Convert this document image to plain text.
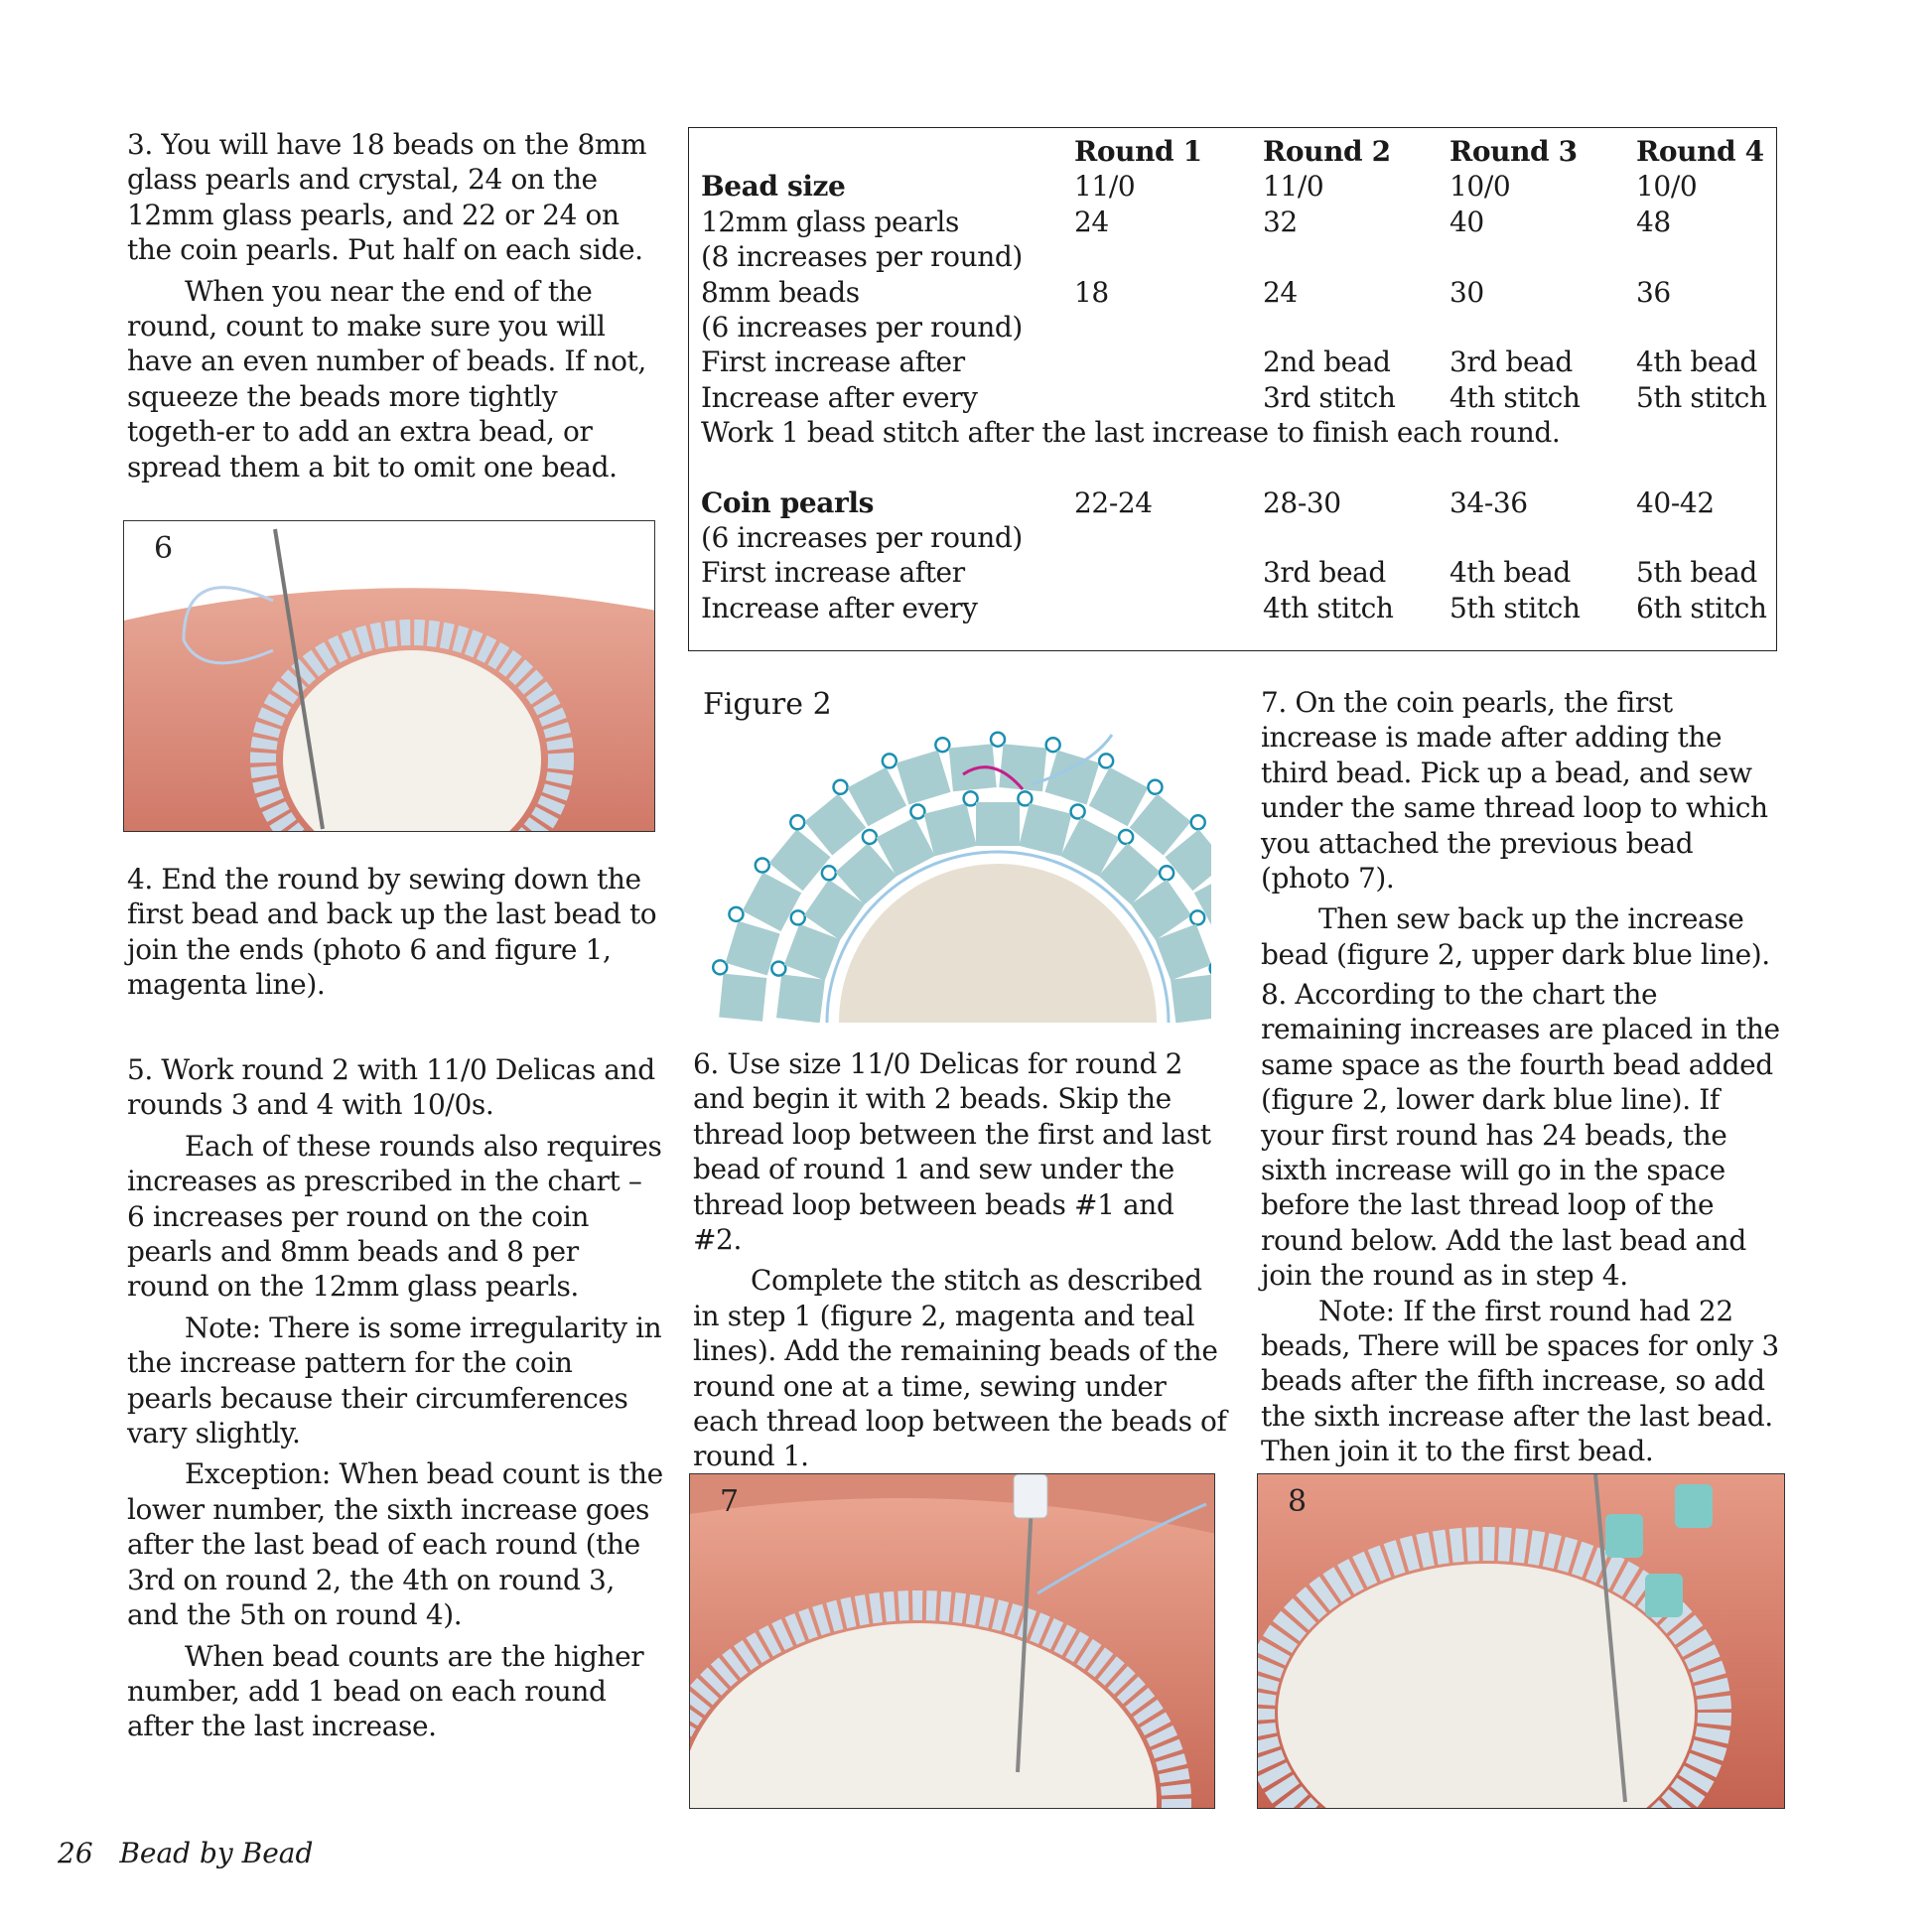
3. You will have 18 beads on the 8mm glass pearls and crystal, 24 on the 12mm glass pearls, and 22 or 24 on the coin pearls. Put half on each side.

When you near the end of the round, count to make sure you will have an even number of beads. If not, squeeze the beads more tightly togeth-er to add an extra bead, or spread them a bit to omit one bead.

6

4. End the round by sewing down the first bead and back up the last bead to join the ends (photo 6 and figure 1, magenta line).

5. Work round 2 with 11/0 Delicas and rounds 3 and 4 with 10/0s.

Each of these rounds also requires increases as prescribed in the chart – 6 increases per round on the coin pearls and 8mm beads and 8 per round on the 12mm glass pearls.

Note: There is some irregularity in the increase pattern for the coin pearls because their circumferences vary slightly.

Exception: When bead count is the lower number, the sixth increase goes after the last bead of each round (the 3rd on round 2, the 4th on round 3, and the 5th on round 4).

When bead counts are the higher number, add 1 bead on each round after the last increase.

	Round 1	Round 2	Round 3	Round 4
Bead size	11/0	11/0	10/0	10/0
12mm glass pearls	24	32	40	48
(8 increases per round)				
8mm beads	18	24	30	36
(6 increases per round)				
First increase after		2nd bead	3rd bead	4th bead
Increase after every		3rd stitch	4th stitch	5th stitch
Work 1 bead stitch after the last increase to finish each round.				

Coin pearls	22-24	28-30	34-36	40-42
(6 increases per round)				
First increase after		3rd bead	4th bead	5th bead
Increase after every		4th stitch	5th stitch	6th stitch
Figure 2

6. Use size 11/0 Delicas for round 2 and begin it with 2 beads. Skip the thread loop between the first and last bead of round 1 and sew under the thread loop between beads #1 and #2.

Complete the stitch as described in step 1 (figure 2, magenta and teal lines). Add the remaining beads of the round one at a time, sewing under each thread loop between the beads of round 1.

7. On the coin pearls, the first increase is made after adding the third bead. Pick up a bead, and sew under the same thread loop to which you attached the previous bead (photo 7).

Then sew back up the increase bead (figure 2, upper dark blue line).

8. According to the chart the remaining increases are placed in the same space as the fourth bead added (figure 2, lower dark blue line). If your first round has 24 beads, the sixth increase will go in the space before the last thread loop of the round below. Add the last bead and join the round as in step 4.

Note: If the first round had 22 beads, There will be spaces for only 3 beads after the fifth increase, so add the sixth increase after the last bead. Then join it to the first bead.

7	8
26 Bead by Bead
